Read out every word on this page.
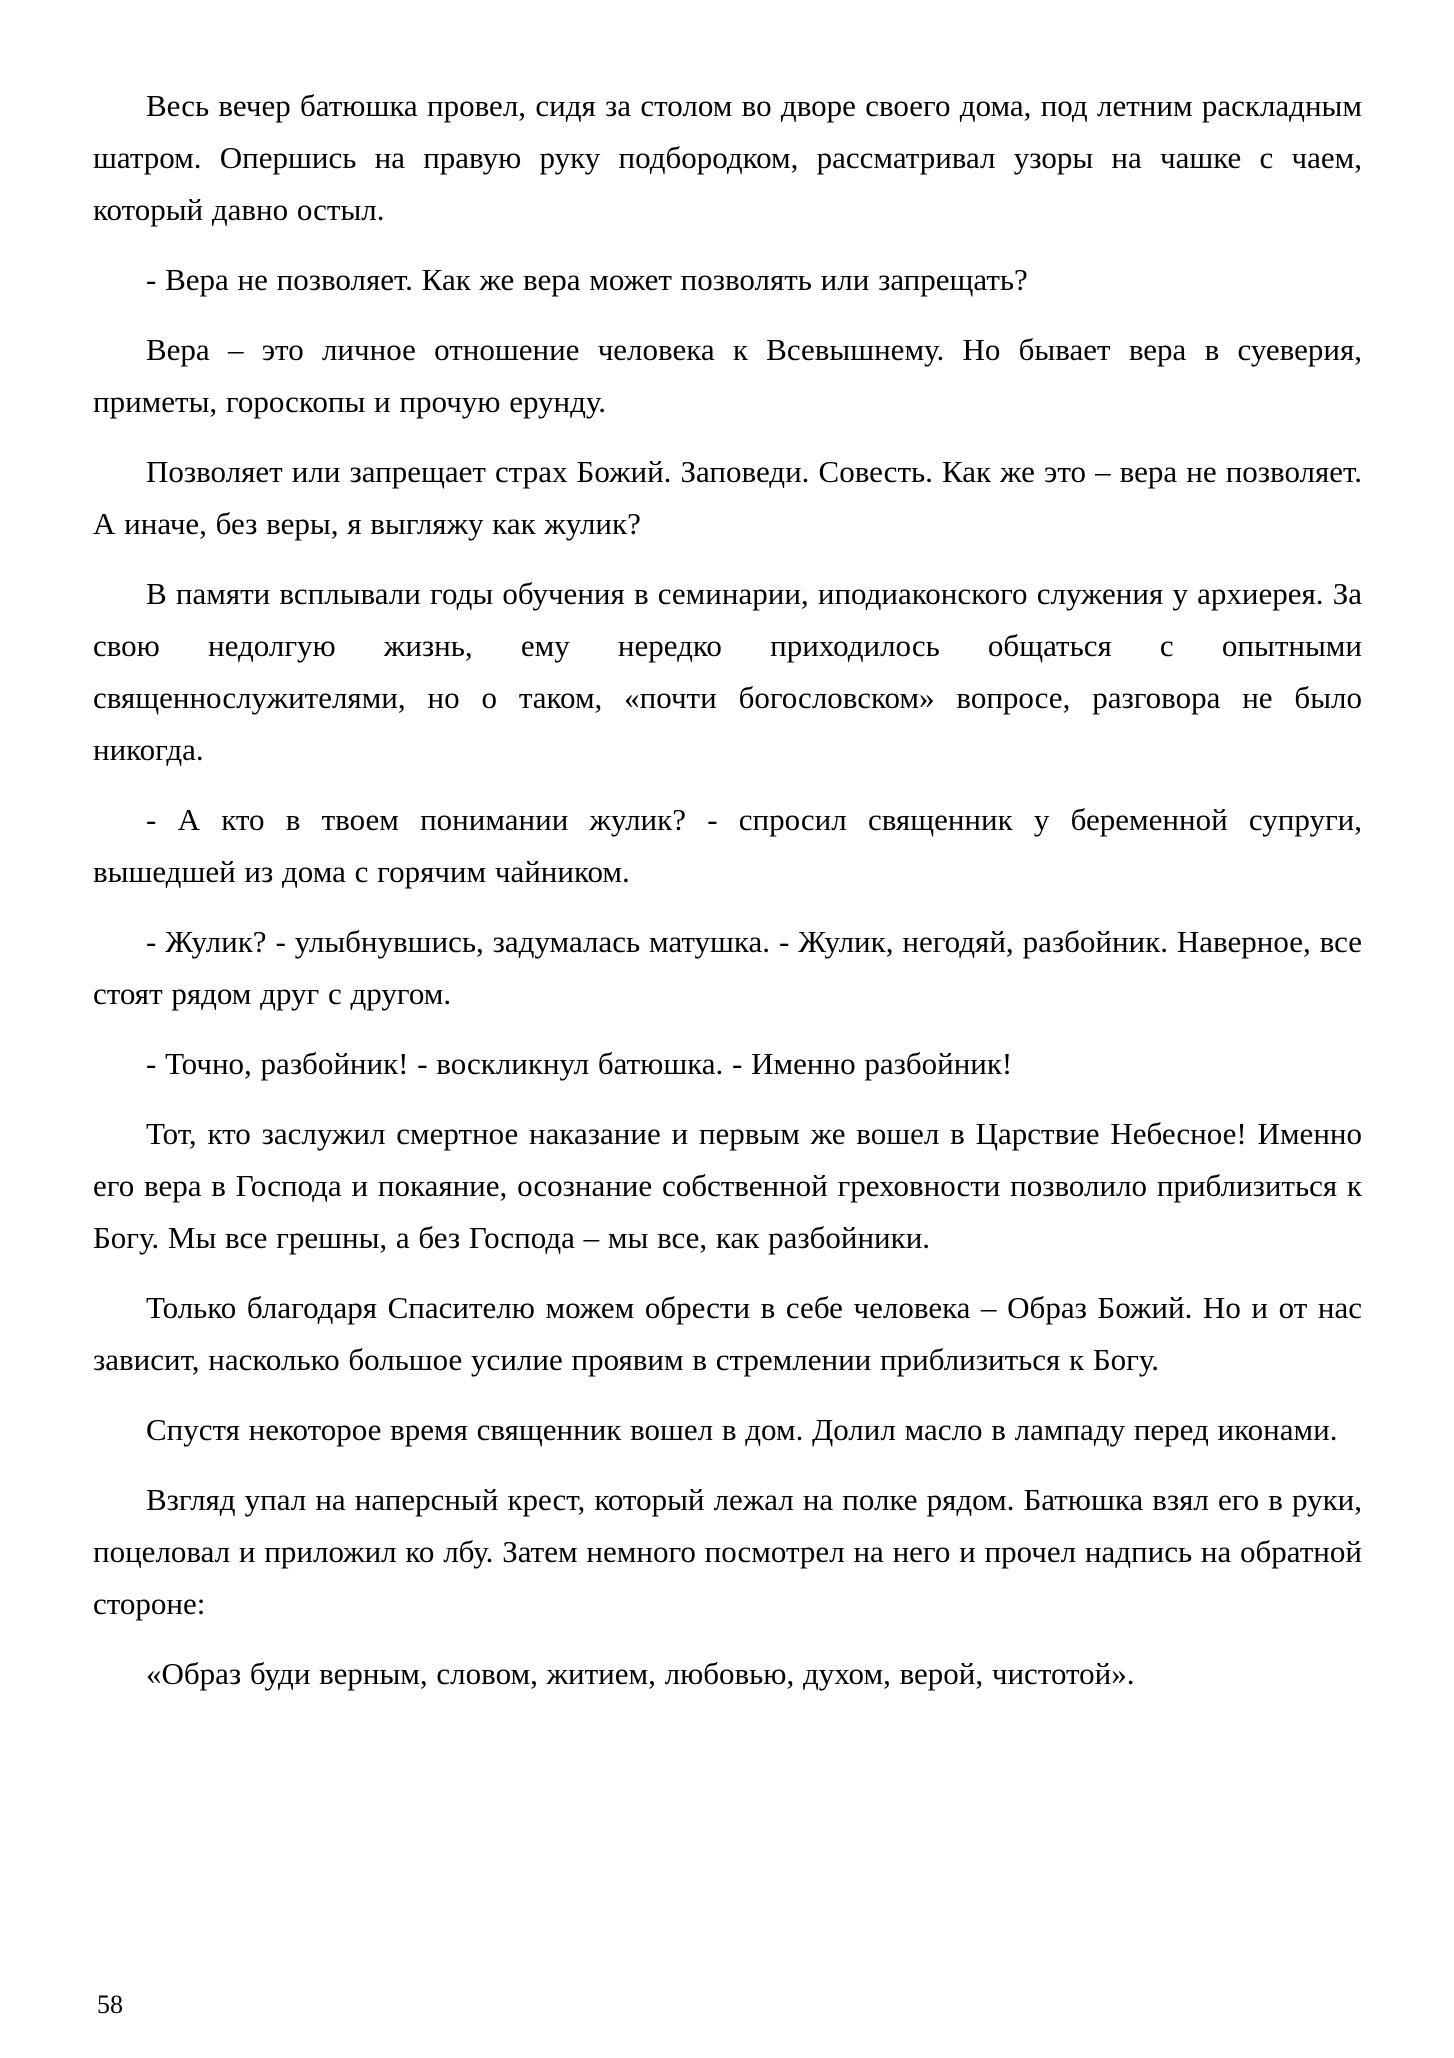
Весь вечер батюшка провел, сидя за столом во дворе своего дома, под летним раскладным шатром. Опершись на правую руку подбородком, рассматривал узоры на чашке с чаем, который давно остыл.

- Вера не позволяет. Как же вера может позволять или запрещать?

Вера – это личное отношение человека к Всевышнему. Но бывает вера в суеверия, приметы, гороскопы и прочую ерунду.

Позволяет или запрещает страх Божий. Заповеди. Совесть. Как же это – вера не позволяет. А иначе, без веры, я выгляжу как жулик?

В памяти всплывали годы обучения в семинарии, иподиаконского служения у архиерея. За свою недолгую жизнь, ему нередко приходилось общаться с опытными священнослужителями, но о таком, «почти богословском» вопросе, разговора не было никогда.

- А кто в твоем понимании жулик? - спросил священник у беременной супруги, вышедшей из дома с горячим чайником.

- Жулик? - улыбнувшись, задумалась матушка. - Жулик, негодяй, разбойник. Наверное, все стоят рядом друг с другом.

- Точно, разбойник! - воскликнул батюшка. - Именно разбойник!

Тот, кто заслужил смертное наказание и первым же вошел в Царствие Небесное! Именно его вера в Господа и покаяние, осознание собственной греховности позволило приблизиться к Богу. Мы все грешны, а без Господа – мы все, как разбойники.

Только благодаря Спасителю можем обрести в себе человека – Образ Божий. Но и от нас зависит, насколько большое усилие проявим в стремлении приблизиться к Богу.

Спустя некоторое время священник вошел в дом. Долил масло в лампаду перед иконами.

Взгляд упал на наперсный крест, который лежал на полке рядом. Батюшка взял его в руки, поцеловал и приложил ко лбу. Затем немного посмотрел на него и прочел надпись на обратной стороне:

«Образ буди верным, словом, житием, любовью, духом, верой, чистотой».

58
